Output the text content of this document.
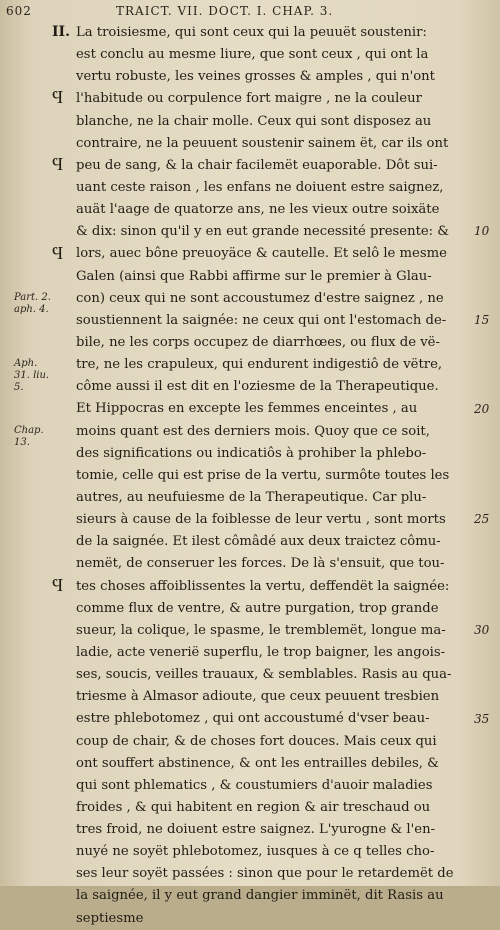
602	TRAICT. VII. DOCT. I. CHAP. 3.
II. La troisiesme, qui sont ceux qui la peuuët soustenir:
est conclu au mesme liure, que sont ceux , qui ont la
vertu robuste, les veines grosses & amples , qui n'ont
l'habitude ou corpulence fort maigre , ne la couleur
blanche, ne la chair molle. Ceux qui sont disposez au
contraire, ne la peuuent soustenir sainem ët, car ils ont
peu de sang, & la chair facilemët euaporable. Dôt sui-
uant ceste raison , les enfans ne doiuent estre saignez,
auät l'aage de quatorze ans, ne les vieux outre soixäte
& dix: sinon qu'il y en eut grande necessité presente: &
lors, auec bône preuoyäce & cautelle. Et selô le mesme
Galen (ainsi que Rabbi affirme sur le premier à Glau-
con) ceux qui ne sont accoustumez d'estre saignez , ne
soustiennent la saignée: ne ceux qui ont l'estomach de-
bile, ne les corps occupez de diarrhœes, ou flux de vë-
tre, ne les crapuleux, qui endurent indigestiô de vëtre,
côme aussi il est dit en l'oziesme de la Therapeutique.
Et Hippocras en excepte les femmes enceintes , au
moins quant est des derniers mois. Quoy que ce soit,
des significations ou indicatiôs à prohiber la phlebo-
tomie, celle qui est prise de la vertu, surmôte toutes les
autres, au neufuiesme de la Therapeutique. Car plu-
sieurs à cause de la foiblesse de leur vertu , sont morts
de la saignée. Et ilest cômâdé aux deux traictez cômu-
nemët, de conseruer les forces. De là s'ensuit, que tou-
tes choses affoiblissentes la vertu, deffendët la saignée:
comme flux de ventre, & autre purgation, trop grande
sueur, la colique, le spasme, le tremblemët, longue ma-
ladie, acte venerië superflu, le trop baigner, les angois-
ses, soucis, veilles trauaux, & semblables. Rasis au qua-
triesme à Almasor adioute, que ceux peuuent tresbien
estre phlebotomez , qui ont accoustumé d'vser beau-
coup de chair, & de choses fort douces. Mais ceux qui
ont souffert abstinence, & ont les entrailles debiles, &
qui sont phlematics , & coustumiers d'auoir maladies
froides , & qui habitent en region & air treschaud ou
tres froid, ne doiuent estre saignez. L'yurogne & l'en-
nuyé ne soyët phlebotomez, iusques à ce q telles cho-
ses leur soyët passées : sinon que pour le retardemët de
la saignée, il y eut grand dangier imminët, dit Rasis au
septiesme
Part. 2. aph. 4.
Aph. 31. liu. 5.
Chap. 13.
10
15
20
25
30
35
Ϥ
Ϥ
Ϥ
Ϥ
